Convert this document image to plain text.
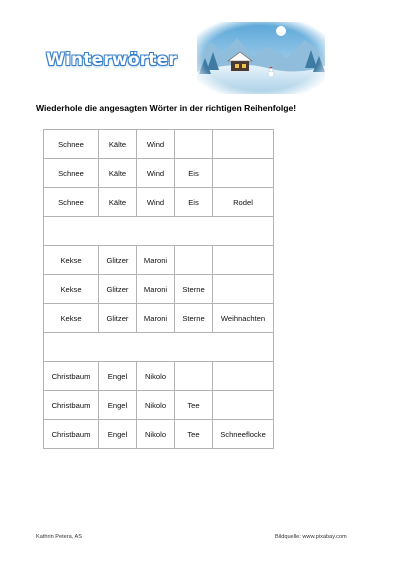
Winterwörter
Wiederhole die angesagten Wörter in der richtigen Reihenfolge!
Schnee	Kälte	Wind		
Schnee	Kälte	Wind	Eis	
Schnee	Kälte	Wind	Eis	Rodel

Kekse	Glitzer	Maroni		
Kekse	Glitzer	Maroni	Sterne	
Kekse	Glitzer	Maroni	Sterne	Weihnachten

Christbaum	Engel	Nikolo		
Christbaum	Engel	Nikolo	Tee	
Christbaum	Engel	Nikolo	Tee	Schneeflocke
Kathrin Petera, AS	Bildquelle: www.pixabay.com
